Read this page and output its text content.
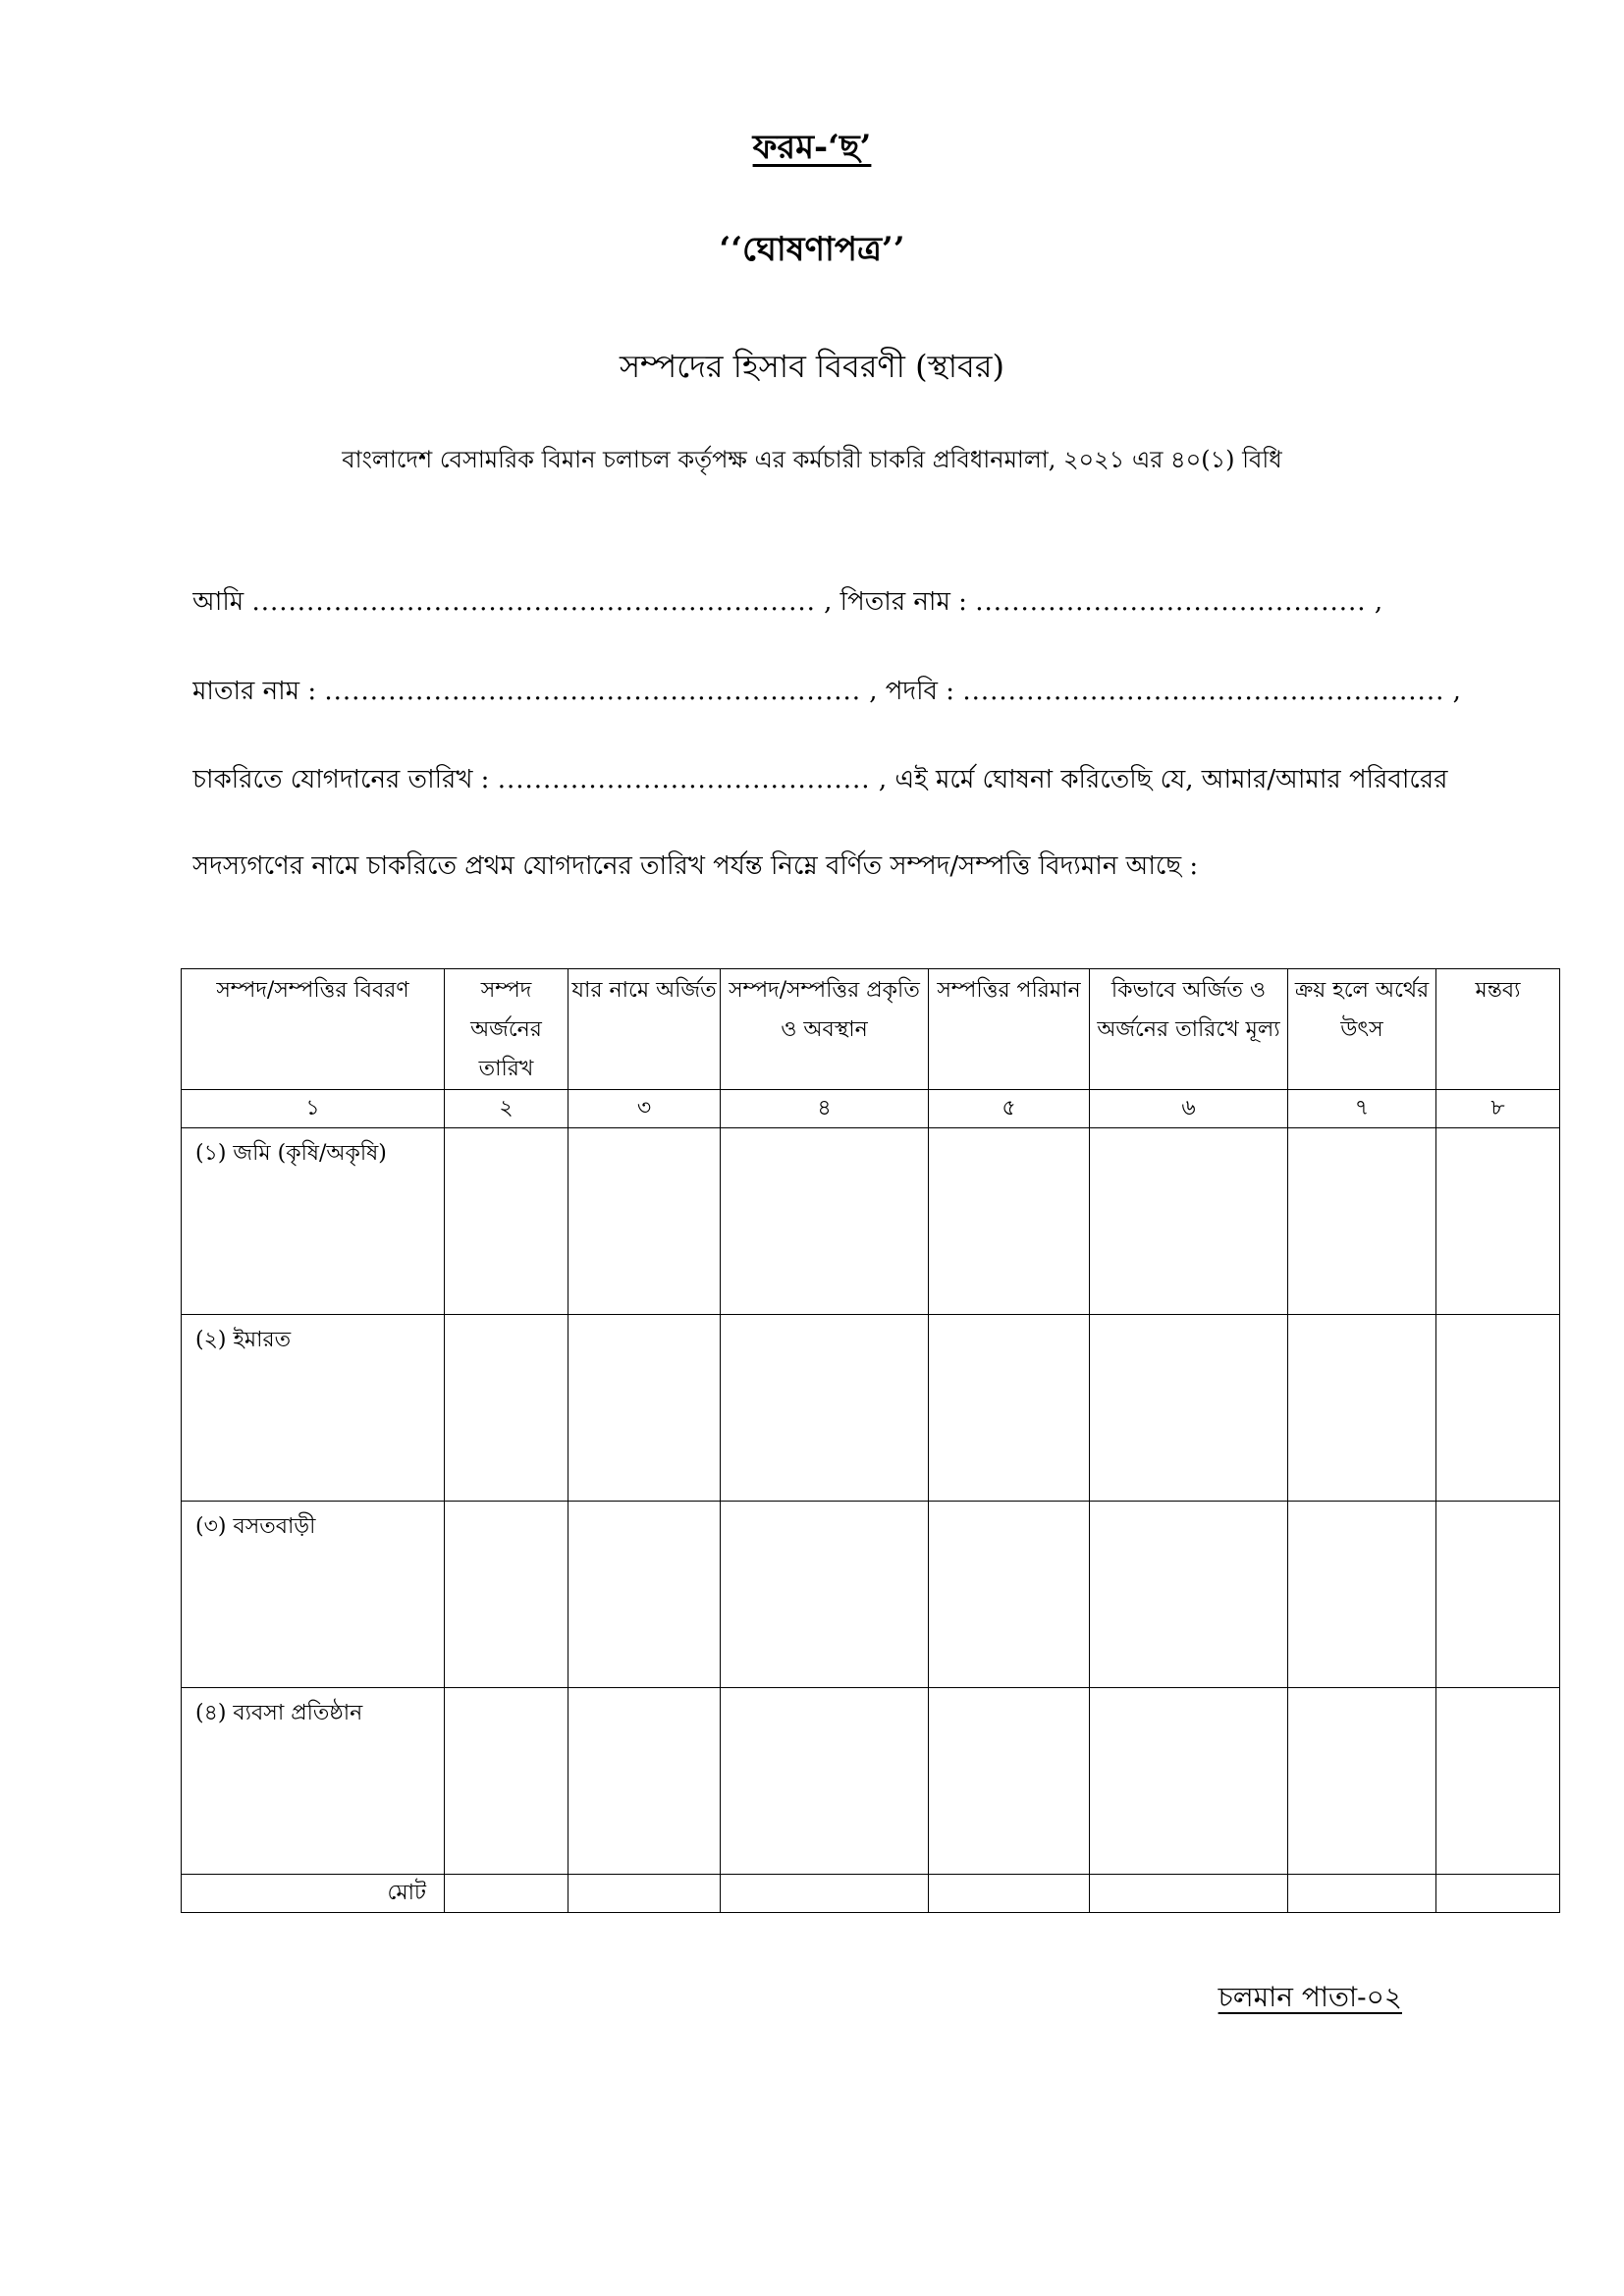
ফরম-‘ছ’
‘‘ঘোষণাপত্র’’
সম্পদের হিসাব বিবরণী (স্থাবর)
বাংলাদেশ বেসামরিক বিমান চলাচল কর্তৃপক্ষ এর কর্মচারী চাকরি প্রবিধানমালা, ২০২১ এর ৪০(১) বিধি
আমি .............................................................. , পিতার নাম : ........................................... ,
মাতার নাম : ........................................................... , পদবি : ..................................................... ,
চাকরিতে যোগদানের তারিখ : ......................................... , এই মর্মে ঘোষনা করিতেছি যে, আমার/আমার পরিবারের
সদস্যগণের নামে চাকরিতে প্রথম যোগদানের তারিখ পর্যন্ত নিম্নে বর্ণিত সম্পদ/সম্পত্তি বিদ্যমান আছে :
সম্পদ/সম্পত্তির বিবরণ	সম্পদ অর্জনের তারিখ	যার নামে অর্জিত	সম্পদ/সম্পত্তির প্রকৃতি ও অবস্থান	সম্পত্তির পরিমান	কিভাবে অর্জিত ও অর্জনের তারিখে মূল্য	ক্রয় হলে অর্থের উৎস	মন্তব্য
১	২	৩	৪	৫	৬	৭	৮
(১) জমি (কৃষি/অকৃষি)							
(২) ইমারত							
(৩) বসতবাড়ী							
(৪) ব্যবসা প্রতিষ্ঠান							
মোট							
চলমান পাতা-০২
